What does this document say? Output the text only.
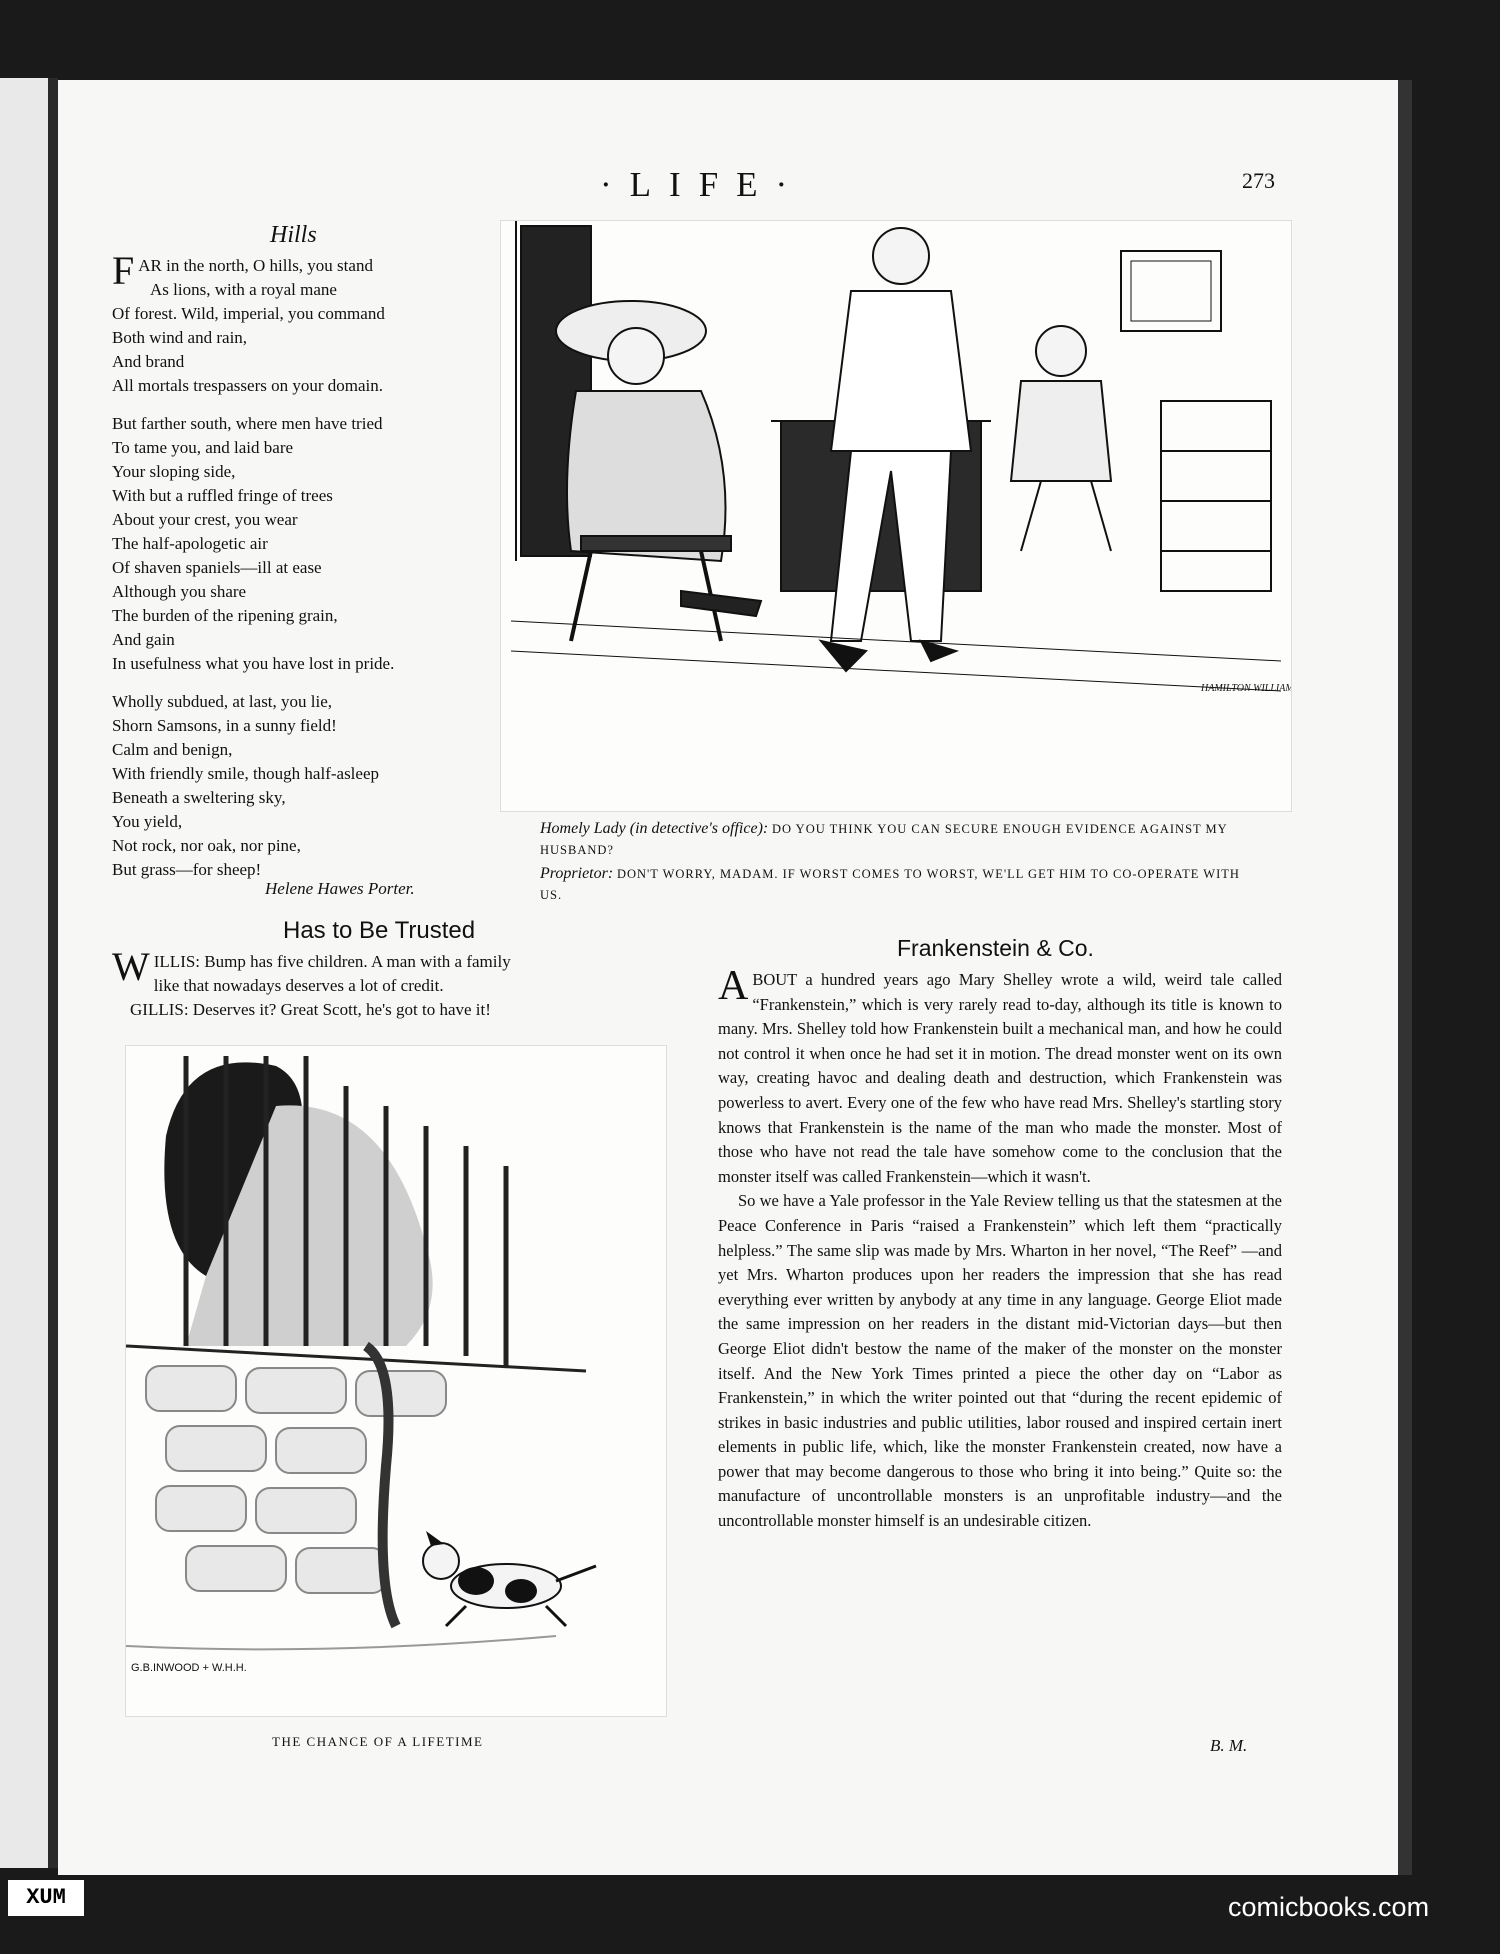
·LIFE·	273
Hills
FAR in the north, O hills, you stand
As lions, with a royal mane
Of forest. Wild, imperial, you command
Both wind and rain,
And brand
All mortals trespassers on your domain.
But farther south, where men have tried
To tame you, and laid bare
Your sloping side,
With but a ruffled fringe of trees
About your crest, you wear
The half-apologetic air
Of shaven spaniels—ill at ease
Although you share
The burden of the ripening grain,
And gain
In usefulness what you have lost in pride.
Wholly subdued, at last, you lie,
Shorn Samsons, in a sunny field!
Calm and benign,
With friendly smile, though half-asleep
Beneath a sweltering sky,
You yield,
Not rock, nor oak, nor pine,
But grass—for sheep!
Helene Hawes Porter.
HAMILTON WILLIAMS
Homely Lady (in detective's office): DO YOU THINK YOU CAN SECURE ENOUGH EVIDENCE AGAINST MY HUSBAND?
Proprietor: DON'T WORRY, MADAM. IF WORST COMES TO WORST, WE'LL GET HIM TO CO-OPERATE WITH US.
Has to Be Trusted
WILLIS: Bump has five children. A man with a family
like that nowadays deserves a lot of credit.
GILLIS: Deserves it? Great Scott, he's got to have it!
G.B.INWOOD + W.H.H.
THE CHANCE OF A LIFETIME
Frankenstein & Co.

ABOUT a hundred years ago Mary Shelley wrote a wild, weird tale called “Frankenstein,” which is very rarely read to-day, although its title is known to many. Mrs. Shelley told how Frankenstein built a mechanical man, and how he could not control it when once he had set it in motion. The dread monster went on its own way, creating havoc and dealing death and destruction, which Frankenstein was powerless to avert. Every one of the few who have read Mrs. Shelley's startling story knows that Frankenstein is the name of the man who made the monster. Most of those who have not read the tale have somehow come to the conclusion that the monster itself was called Frankenstein—which it wasn't.

So we have a Yale professor in the Yale Review telling us that the statesmen at the Peace Conference in Paris “raised a Frankenstein” which left them “practically helpless.” The same slip was made by Mrs. Wharton in her novel, “The Reef” —and yet Mrs. Wharton produces upon her readers the impression that she has read everything ever written by anybody at any time in any language. George Eliot made the same impression on her readers in the distant mid-Victorian days—but then George Eliot didn't bestow the name of the maker of the monster on the monster itself. And the New York Times printed a piece the other day on “Labor as Frankenstein,” in which the writer pointed out that “during the recent epidemic of strikes in basic industries and public utilities, labor roused and inspired certain inert elements in public life, which, like the monster Frankenstein created, now have a power that may become dangerous to those who bring it into being.” Quite so: the manufacture of uncontrollable monsters is an unprofitable industry—and the uncontrollable monster himself is an undesirable citizen.

B. M.
XUM	comicbooks.com
